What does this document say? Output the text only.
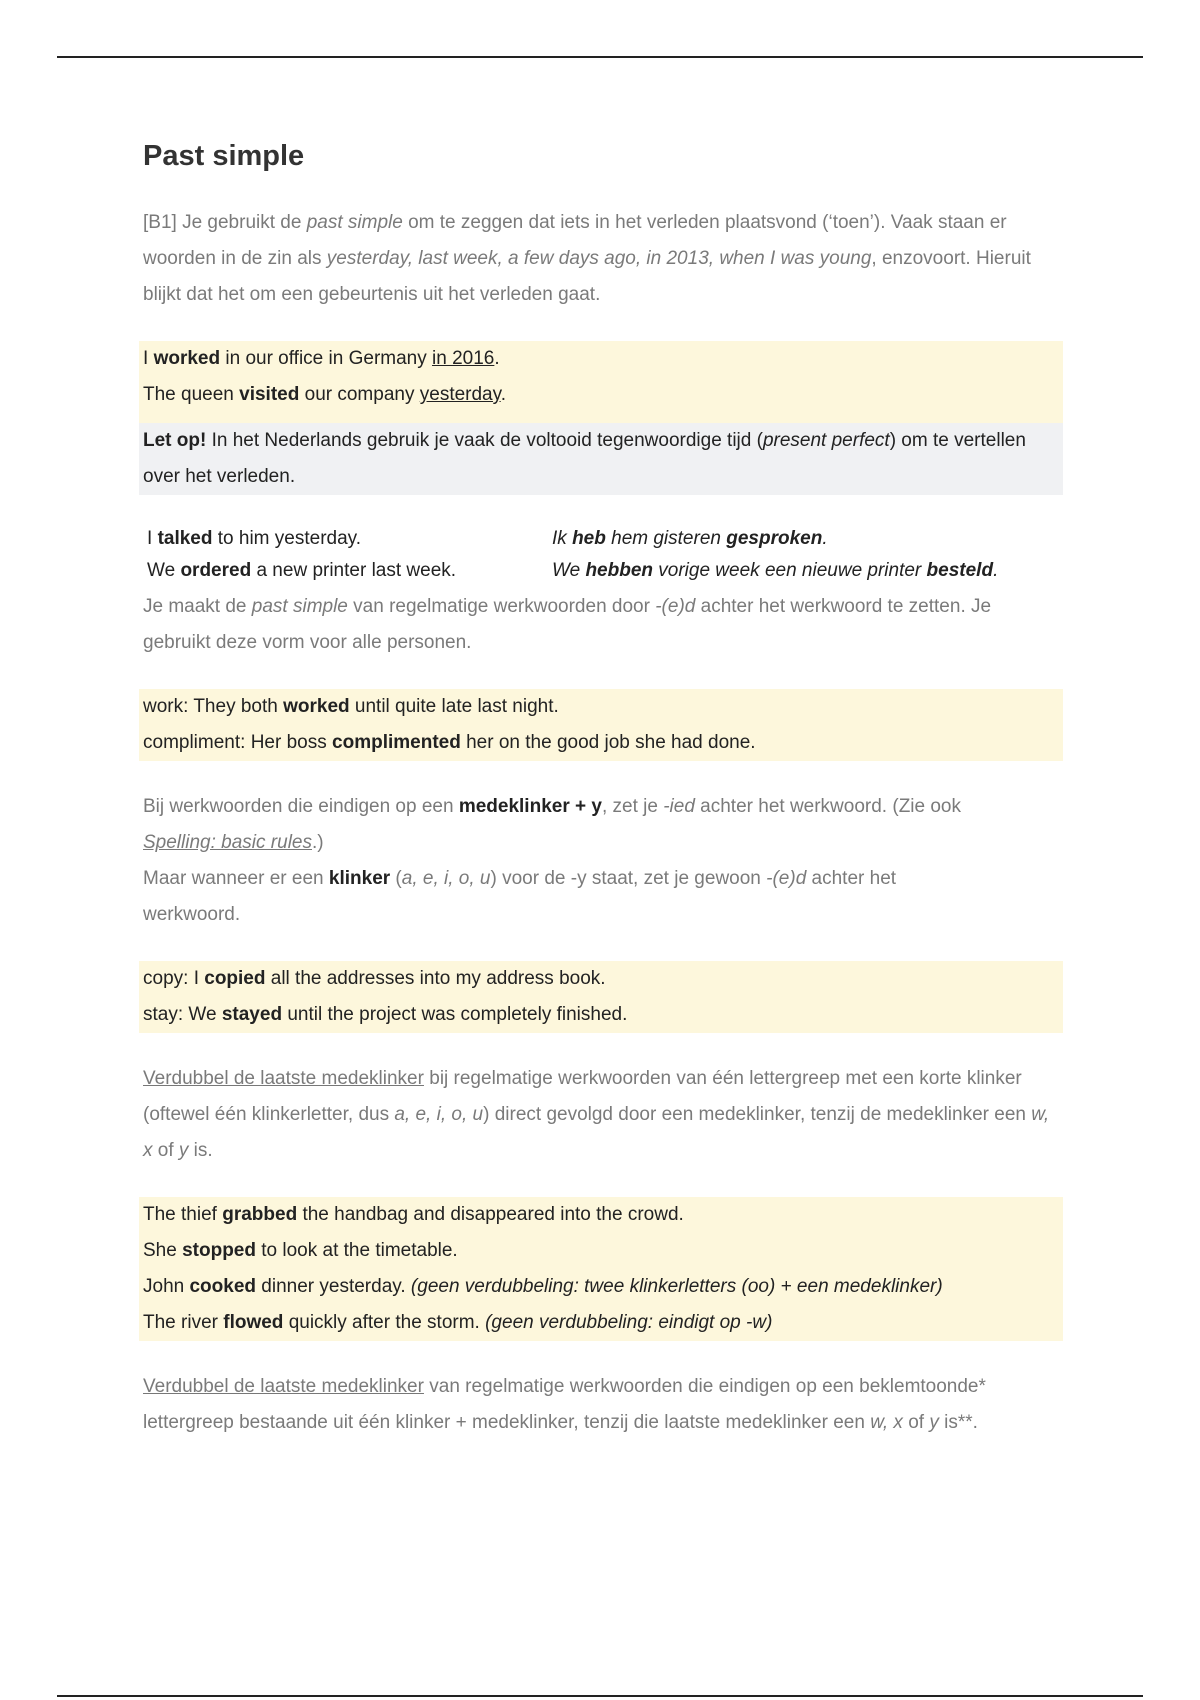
Past simple

[B1] Je gebruikt de past simple om te zeggen dat iets in het verleden plaatsvond (‘toen’). Vaak staan er woorden in de zin als yesterday, last week, a few days ago, in 2013, when I was young, enzovoort. Hieruit blijkt dat het om een gebeurtenis uit het verleden gaat.

I worked in our office in Germany in 2016.

The queen visited our company yesterday.

Let op! In het Nederlands gebruik je vaak de voltooid tegenwoordige tijd (present perfect) om te vertellen over het verleden.

I talked to him yesterday.	Ik heb hem gisteren gesproken.
We ordered a new printer last week.	We hebben vorige week een nieuwe printer besteld.

Je maakt de past simple van regelmatige werkwoorden door -(e)d achter het werkwoord te zetten. Je gebruikt deze vorm voor alle personen.

work: They both worked until quite late last night.

compliment: Her boss complimented her on the good job she had done.

Bij werkwoorden die eindigen op een medeklinker + y, zet je -ied achter het werkwoord. (Zie ook Spelling: basic rules.)

Maar wanneer er een klinker (a, e, i, o, u) voor de -y staat, zet je gewoon -(e)d achter het werkwoord.

copy: I copied all the addresses into my address book.

stay: We stayed until the project was completely finished.

Verdubbel de laatste medeklinker bij regelmatige werkwoorden van één lettergreep met een korte klinker (oftewel één klinkerletter, dus a, e, i, o, u) direct gevolgd door een medeklinker, tenzij de medeklinker een w, x of y is.

The thief grabbed the handbag and disappeared into the crowd.

She stopped to look at the timetable.

John cooked dinner yesterday. (geen verdubbeling: twee klinkerletters (oo) + een medeklinker)

The river flowed quickly after the storm. (geen verdubbeling: eindigt op -w)

Verdubbel de laatste medeklinker van regelmatige werkwoorden die eindigen op een beklemtoonde* lettergreep bestaande uit één klinker + medeklinker, tenzij die laatste medeklinker een w, x of y is**.
